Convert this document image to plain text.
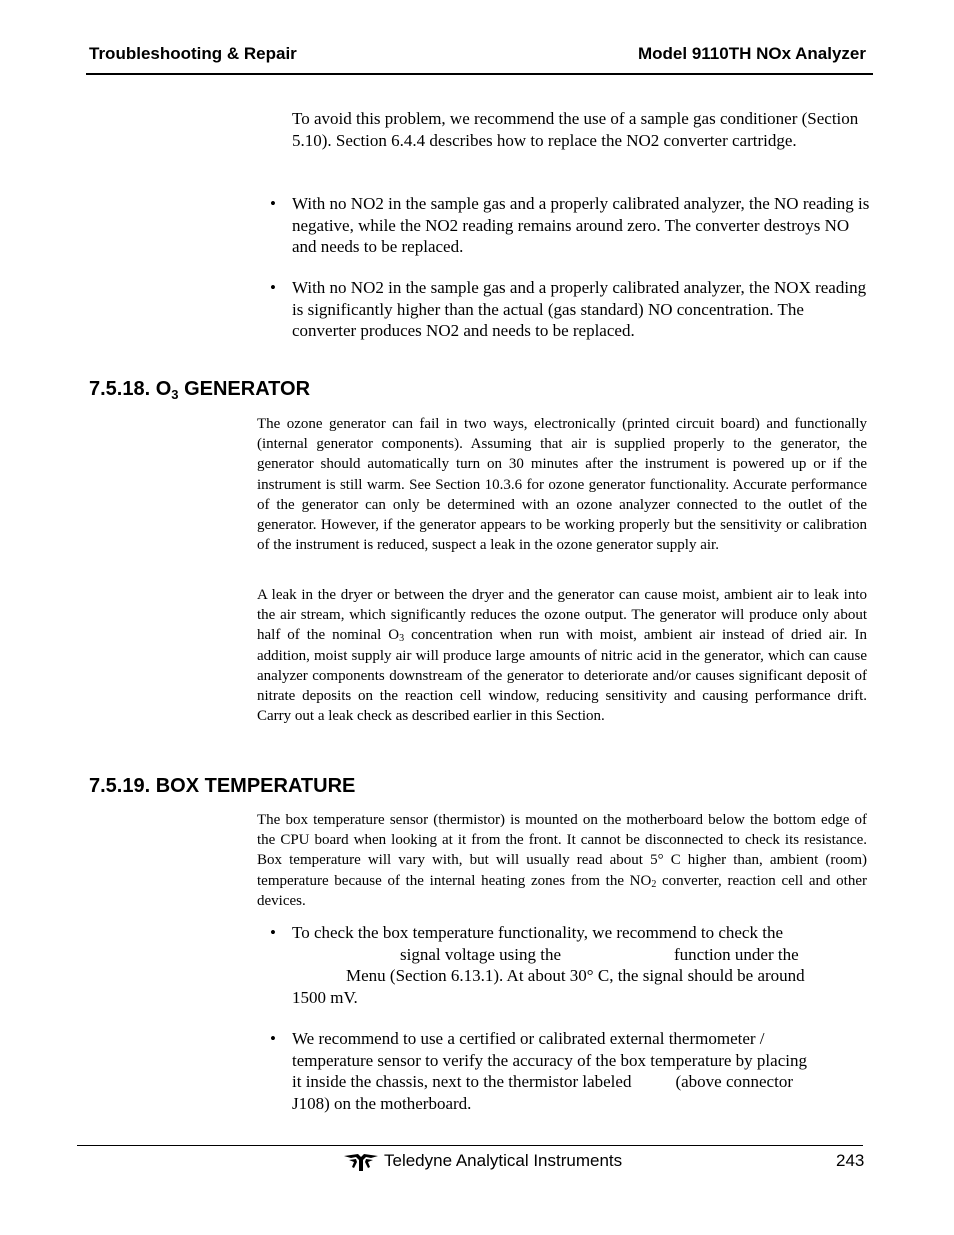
Troubleshooting & Repair	Model 9110TH NOx Analyzer
To avoid this problem, we recommend the use of a sample gas conditioner (Section 5.10). Section 6.4.4 describes how to replace the NO2 converter cartridge.
• With no NO2 in the sample gas and a properly calibrated analyzer, the NO reading is negative, while the NO2 reading remains around zero. The converter destroys NO and needs to be replaced.
• With no NO2 in the sample gas and a properly calibrated analyzer, the NOX reading is significantly higher than the actual (gas standard) NO concentration. The converter produces NO2 and needs to be replaced.
7.5.18. $O_3$ GENERATOR
The ozone generator can fail in two ways, electronically (printed circuit board) and functionally (internal generator components). Assuming that air is supplied properly to the generator, the generator should automatically turn on 30 minutes after the instrument is powered up or if the instrument is still warm. See Section 10.3.6 for ozone generator functionality. Accurate performance of the generator can only be determined with an ozone analyzer connected to the outlet of the generator. However, if the generator appears to be working properly but the sensitivity or calibration of the instrument is reduced, suspect a leak in the ozone generator supply air.
A leak in the dryer or between the dryer and the generator can cause moist, ambient air to leak into the air stream, which significantly reduces the ozone output. The generator will produce only about half of the nominal $O_3$ concentration when run with moist, ambient air instead of dried air. In addition, moist supply air will produce large amounts of nitric acid in the generator, which can cause analyzer components downstream of the generator to deteriorate and/or causes significant deposit of nitrate deposits on the reaction cell window, reducing sensitivity and causing performance drift. Carry out a leak check as described earlier in this Section.
7.5.19. BOX TEMPERATURE
The box temperature sensor (thermistor) is mounted on the motherboard below the bottom edge of the CPU board when looking at it from the front. It cannot be disconnected to check its resistance. Box temperature will vary with, but will usually read about 5° C higher than, ambient (room) temperature because of the internal heating zones from the $NO_2$ converter, reaction cell and other devices.
• To check the box temperature functionality, we recommend to check the
signal voltage using the	function under the
Menu (Section 6.13.1). At about 30° C, the signal should be around
1500 mV.
• We recommend to use a certified or calibrated external thermometer /
temperature sensor to verify the accuracy of the box temperature by placing
it inside the chassis, next to the thermistor labeled	(above connector
J108) on the motherboard.
Teledyne Analytical Instruments	243
